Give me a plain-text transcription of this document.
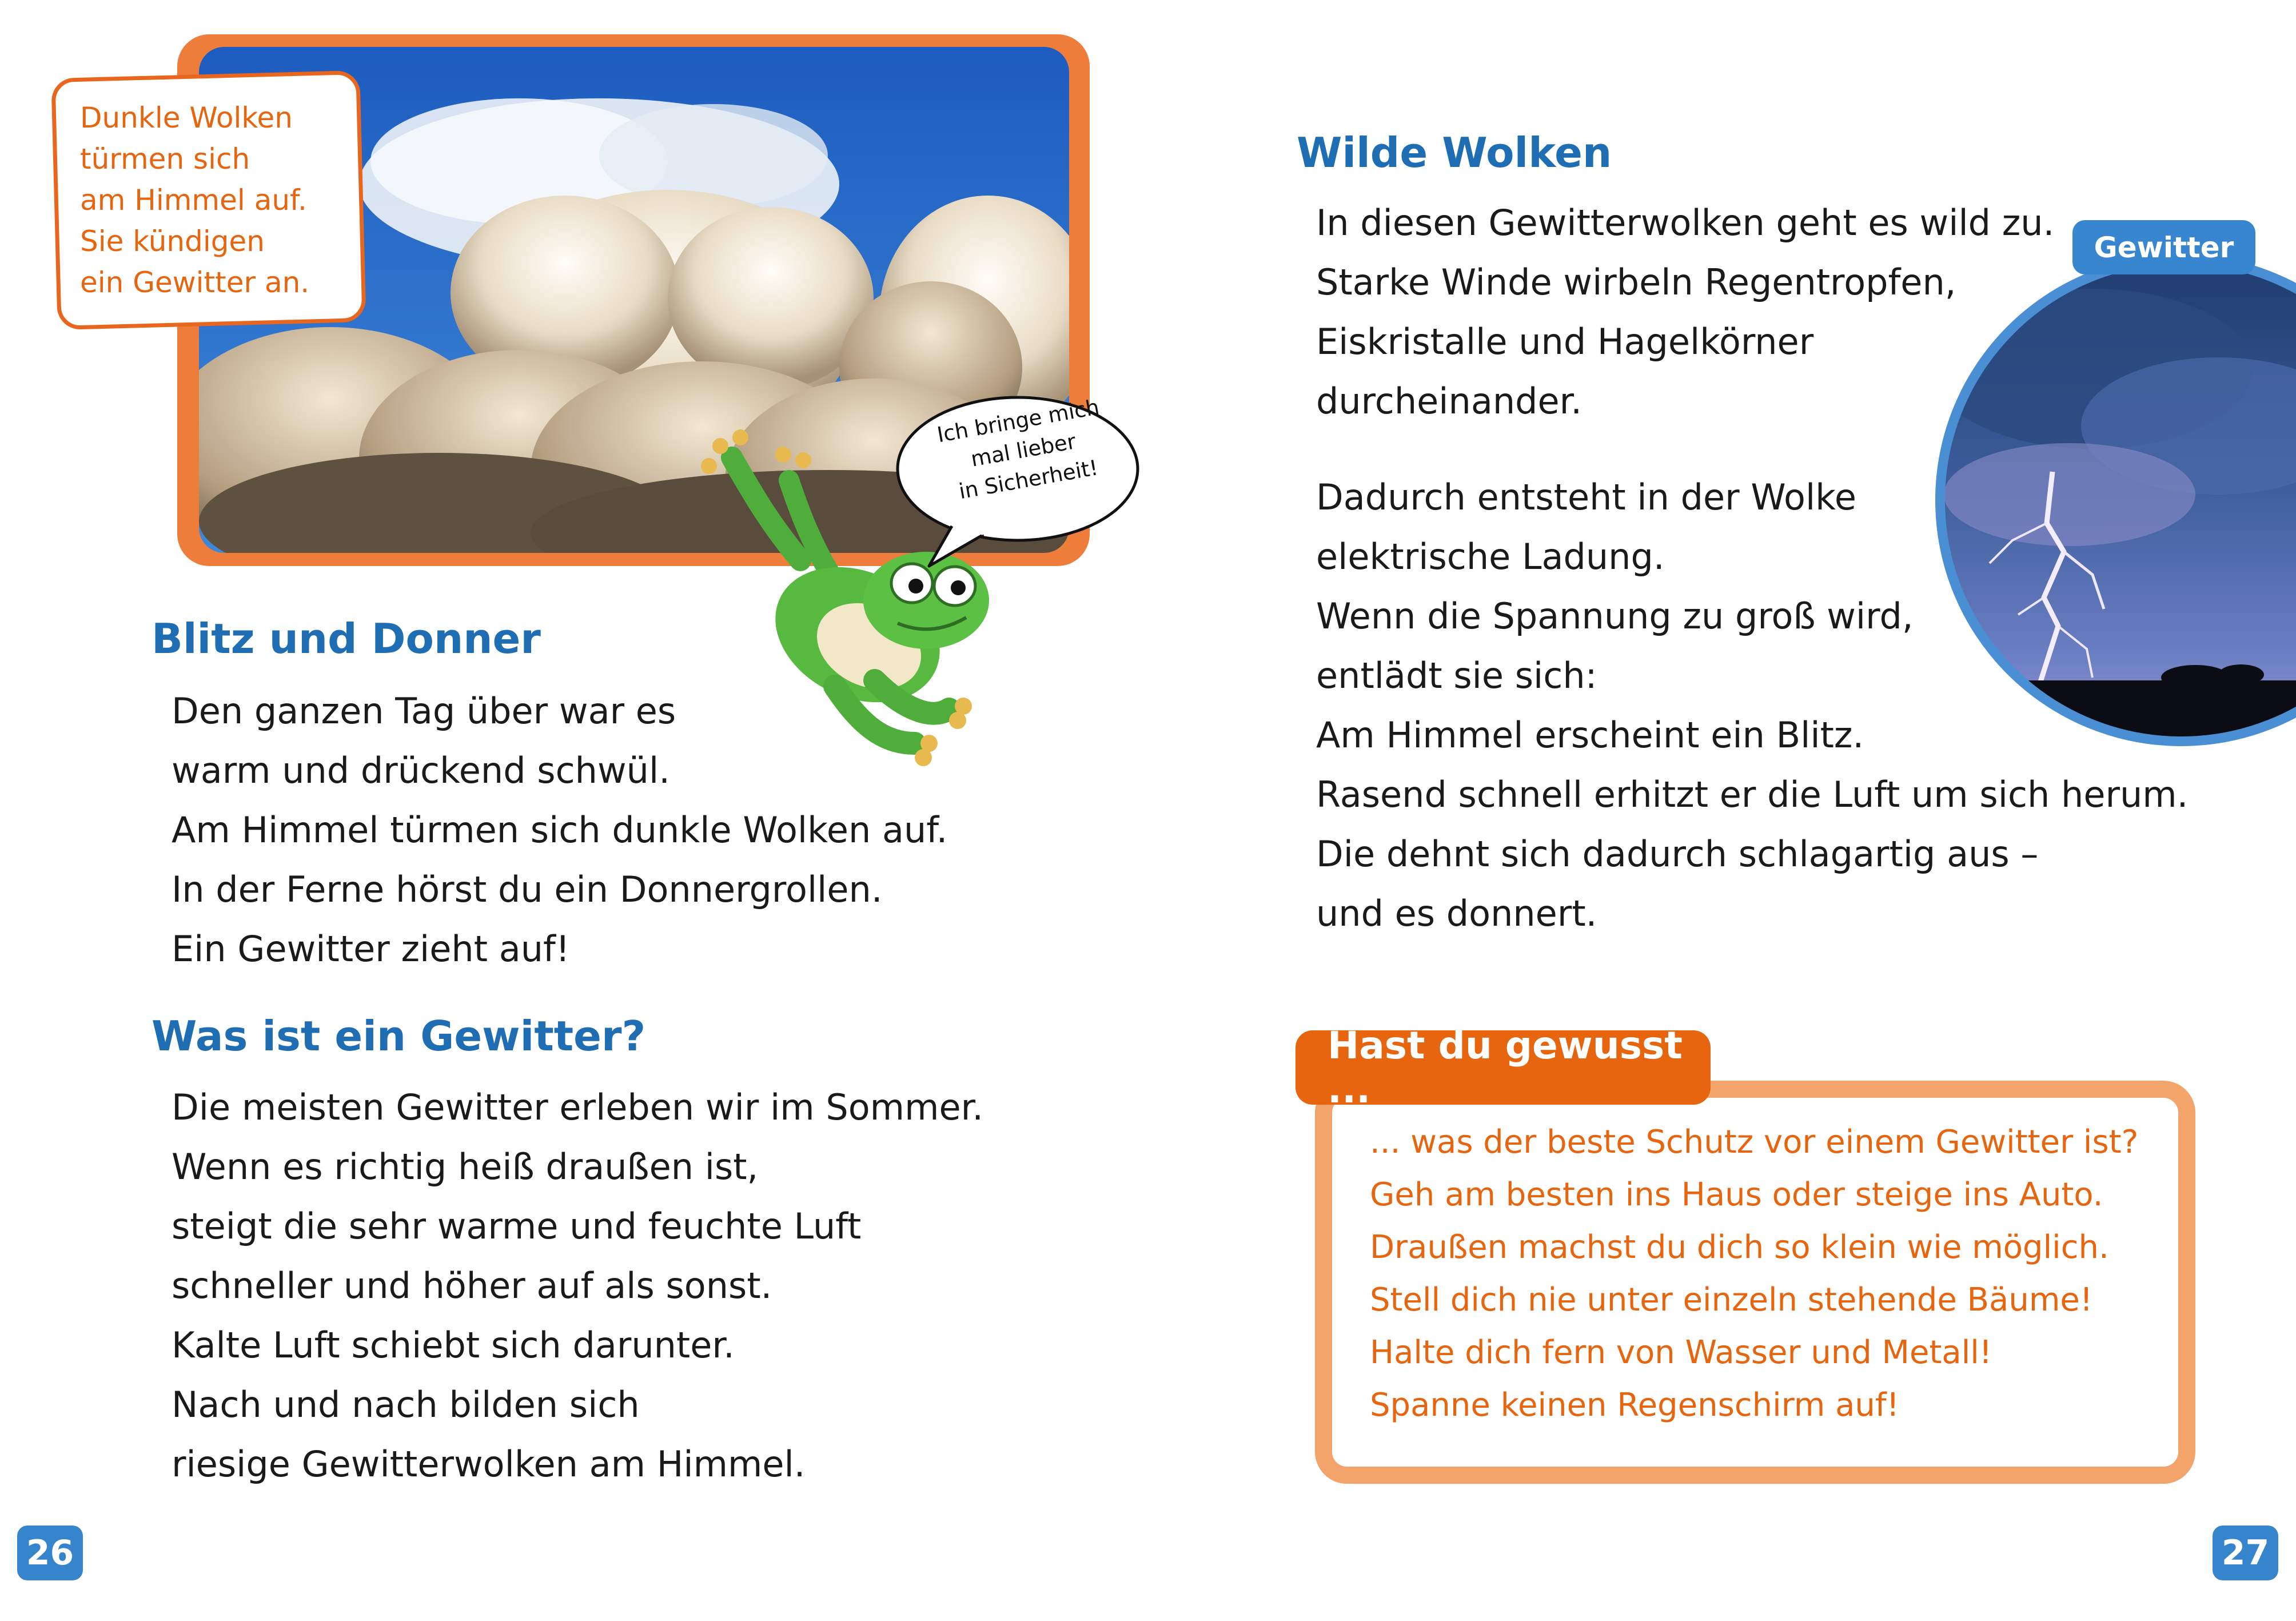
Dunkle Wolken
türmen sich
am Himmel auf.
Sie kündigen
ein Gewitter an.
Ich bringe mich
mal lieber
in Sicherheit!
Blitz und Donner
Den ganzen Tag über war es
warm und drückend schwül.
Am Himmel türmen sich dunkle Wolken auf.
In der Ferne hörst du ein Donnergrollen.
Ein Gewitter zieht auf!
Was ist ein Gewitter?
Die meisten Gewitter erleben wir im Sommer.
Wenn es richtig heiß draußen ist,
steigt die sehr warme und feuchte Luft
schneller und höher auf als sonst.
Kalte Luft schiebt sich darunter.
Nach und nach bilden sich
riesige Gewitterwolken am Himmel.
26
Wilde Wolken
In diesen Gewitterwolken geht es wild zu.
Starke Winde wirbeln Regentropfen,
Eiskristalle und Hagelkörner
durcheinander.
Dadurch entsteht in der Wolke
elektrische Ladung.
Wenn die Spannung zu groß wird,
entlädt sie sich:
Am Himmel erscheint ein Blitz.
Rasend schnell erhitzt er die Luft um sich herum.
Die dehnt sich dadurch schlagartig aus –
und es donnert.
Gewitter
Hast du gewusst ...
... was der beste Schutz vor einem Gewitter ist?
Geh am besten ins Haus oder steige ins Auto.
Draußen machst du dich so klein wie möglich.
Stell dich nie unter einzeln stehende Bäume!
Halte dich fern von Wasser und Metall!
Spanne keinen Regenschirm auf!
27
